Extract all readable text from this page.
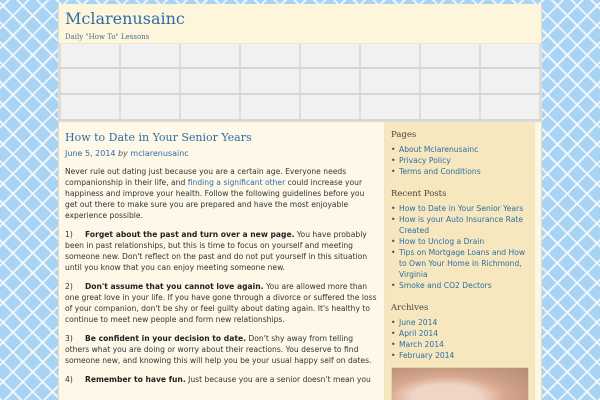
Mclarenusainc
Daily "How To" Lessons
How to Date in Your Senior Years
June 5, 2014 by mclarenusainc

Never rule out dating just because you are a certain age. Everyone needs companionship in their life, and finding a significant other could increase your happiness and improve your health. Follow the following guidelines before you get out there to make sure you are prepared and have the most enjoyable experience possible.

1) Forget about the past and turn over a new page. You have probably been in past relationships, but this is time to focus on yourself and meeting someone new. Don't reflect on the past and do not put yourself in this situation until you know that you can enjoy meeting someone new.

2) Don't assume that you cannot love again. You are allowed more than one great love in your life. If you have gone through a divorce or suffered the loss of your companion, don't be shy or feel guilty about dating again. It's healthy to continue to meet new people and form new relationships.

3) Be confident in your decision to date. Don't shy away from telling others what you are doing or worry about their reactions. You deserve to find someone new, and knowing this will help you be your usual happy self on dates.

4) Remember to have fun. Just because you are a senior doesn't mean you

Pages
• About Mclarenusainc
• Privacy Policy
• Terms and Conditions
Recent Posts
• How to Date in Your Senior Years
• How is your Auto Insurance Rate Created
• How to Unclog a Drain
• Tips on Mortgage Loans and How to Own Your Home in Richmond, Virginia
• Smoke and CO2 Dectors
Archives
• June 2014
• April 2014
• March 2014
• February 2014
